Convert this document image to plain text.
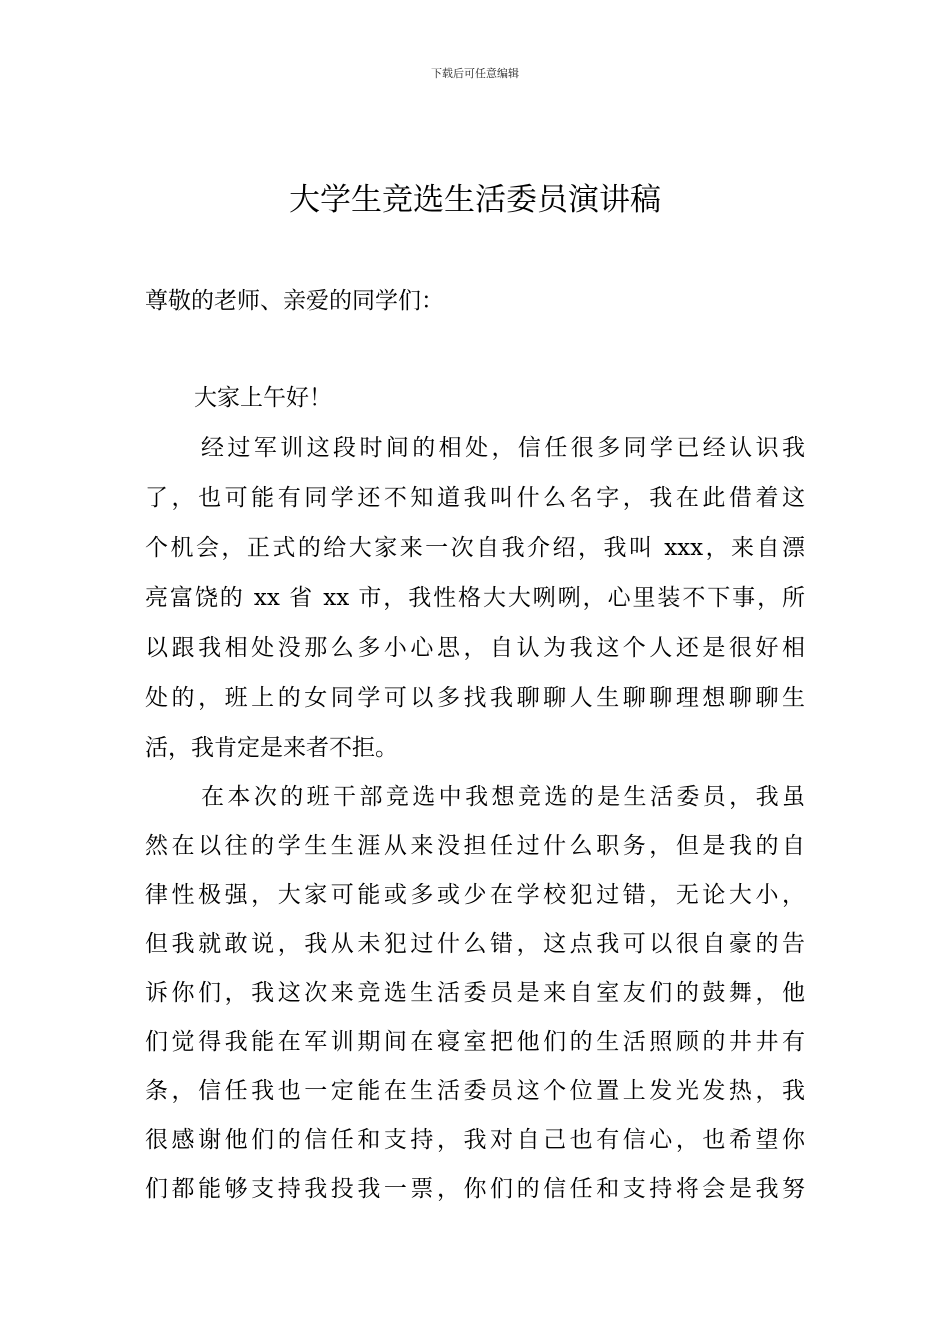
下载后可任意编辑
大学生竞选生活委员演讲稿

尊敬的老师、亲爱的同学们：

大家上午好！

经过军训这段时间的相处，信任很多同学已经认识我
了，也可能有同学还不知道我叫什么名字，我在此借着这
个机会，正式的给大家来一次自我介绍，我叫 xxx，来自漂
亮富饶的 xx 省 xx 市，我性格大大咧咧，心里装不下事，所
以跟我相处没那么多小心思，自认为我这个人还是很好相
处的，班上的女同学可以多找我聊聊人生聊聊理想聊聊生
活，我肯定是来者不拒。
在本次的班干部竞选中我想竞选的是生活委员，我虽
然在以往的学生生涯从来没担任过什么职务，但是我的自
律性极强，大家可能或多或少在学校犯过错，无论大小，
但我就敢说，我从未犯过什么错，这点我可以很自豪的告
诉你们，我这次来竞选生活委员是来自室友们的鼓舞，他
们觉得我能在军训期间在寝室把他们的生活照顾的井井有
条，信任我也一定能在生活委员这个位置上发光发热，我
很感谢他们的信任和支持，我对自己也有信心，也希望你
们都能够支持我投我一票，你们的信任和支持将会是我努
